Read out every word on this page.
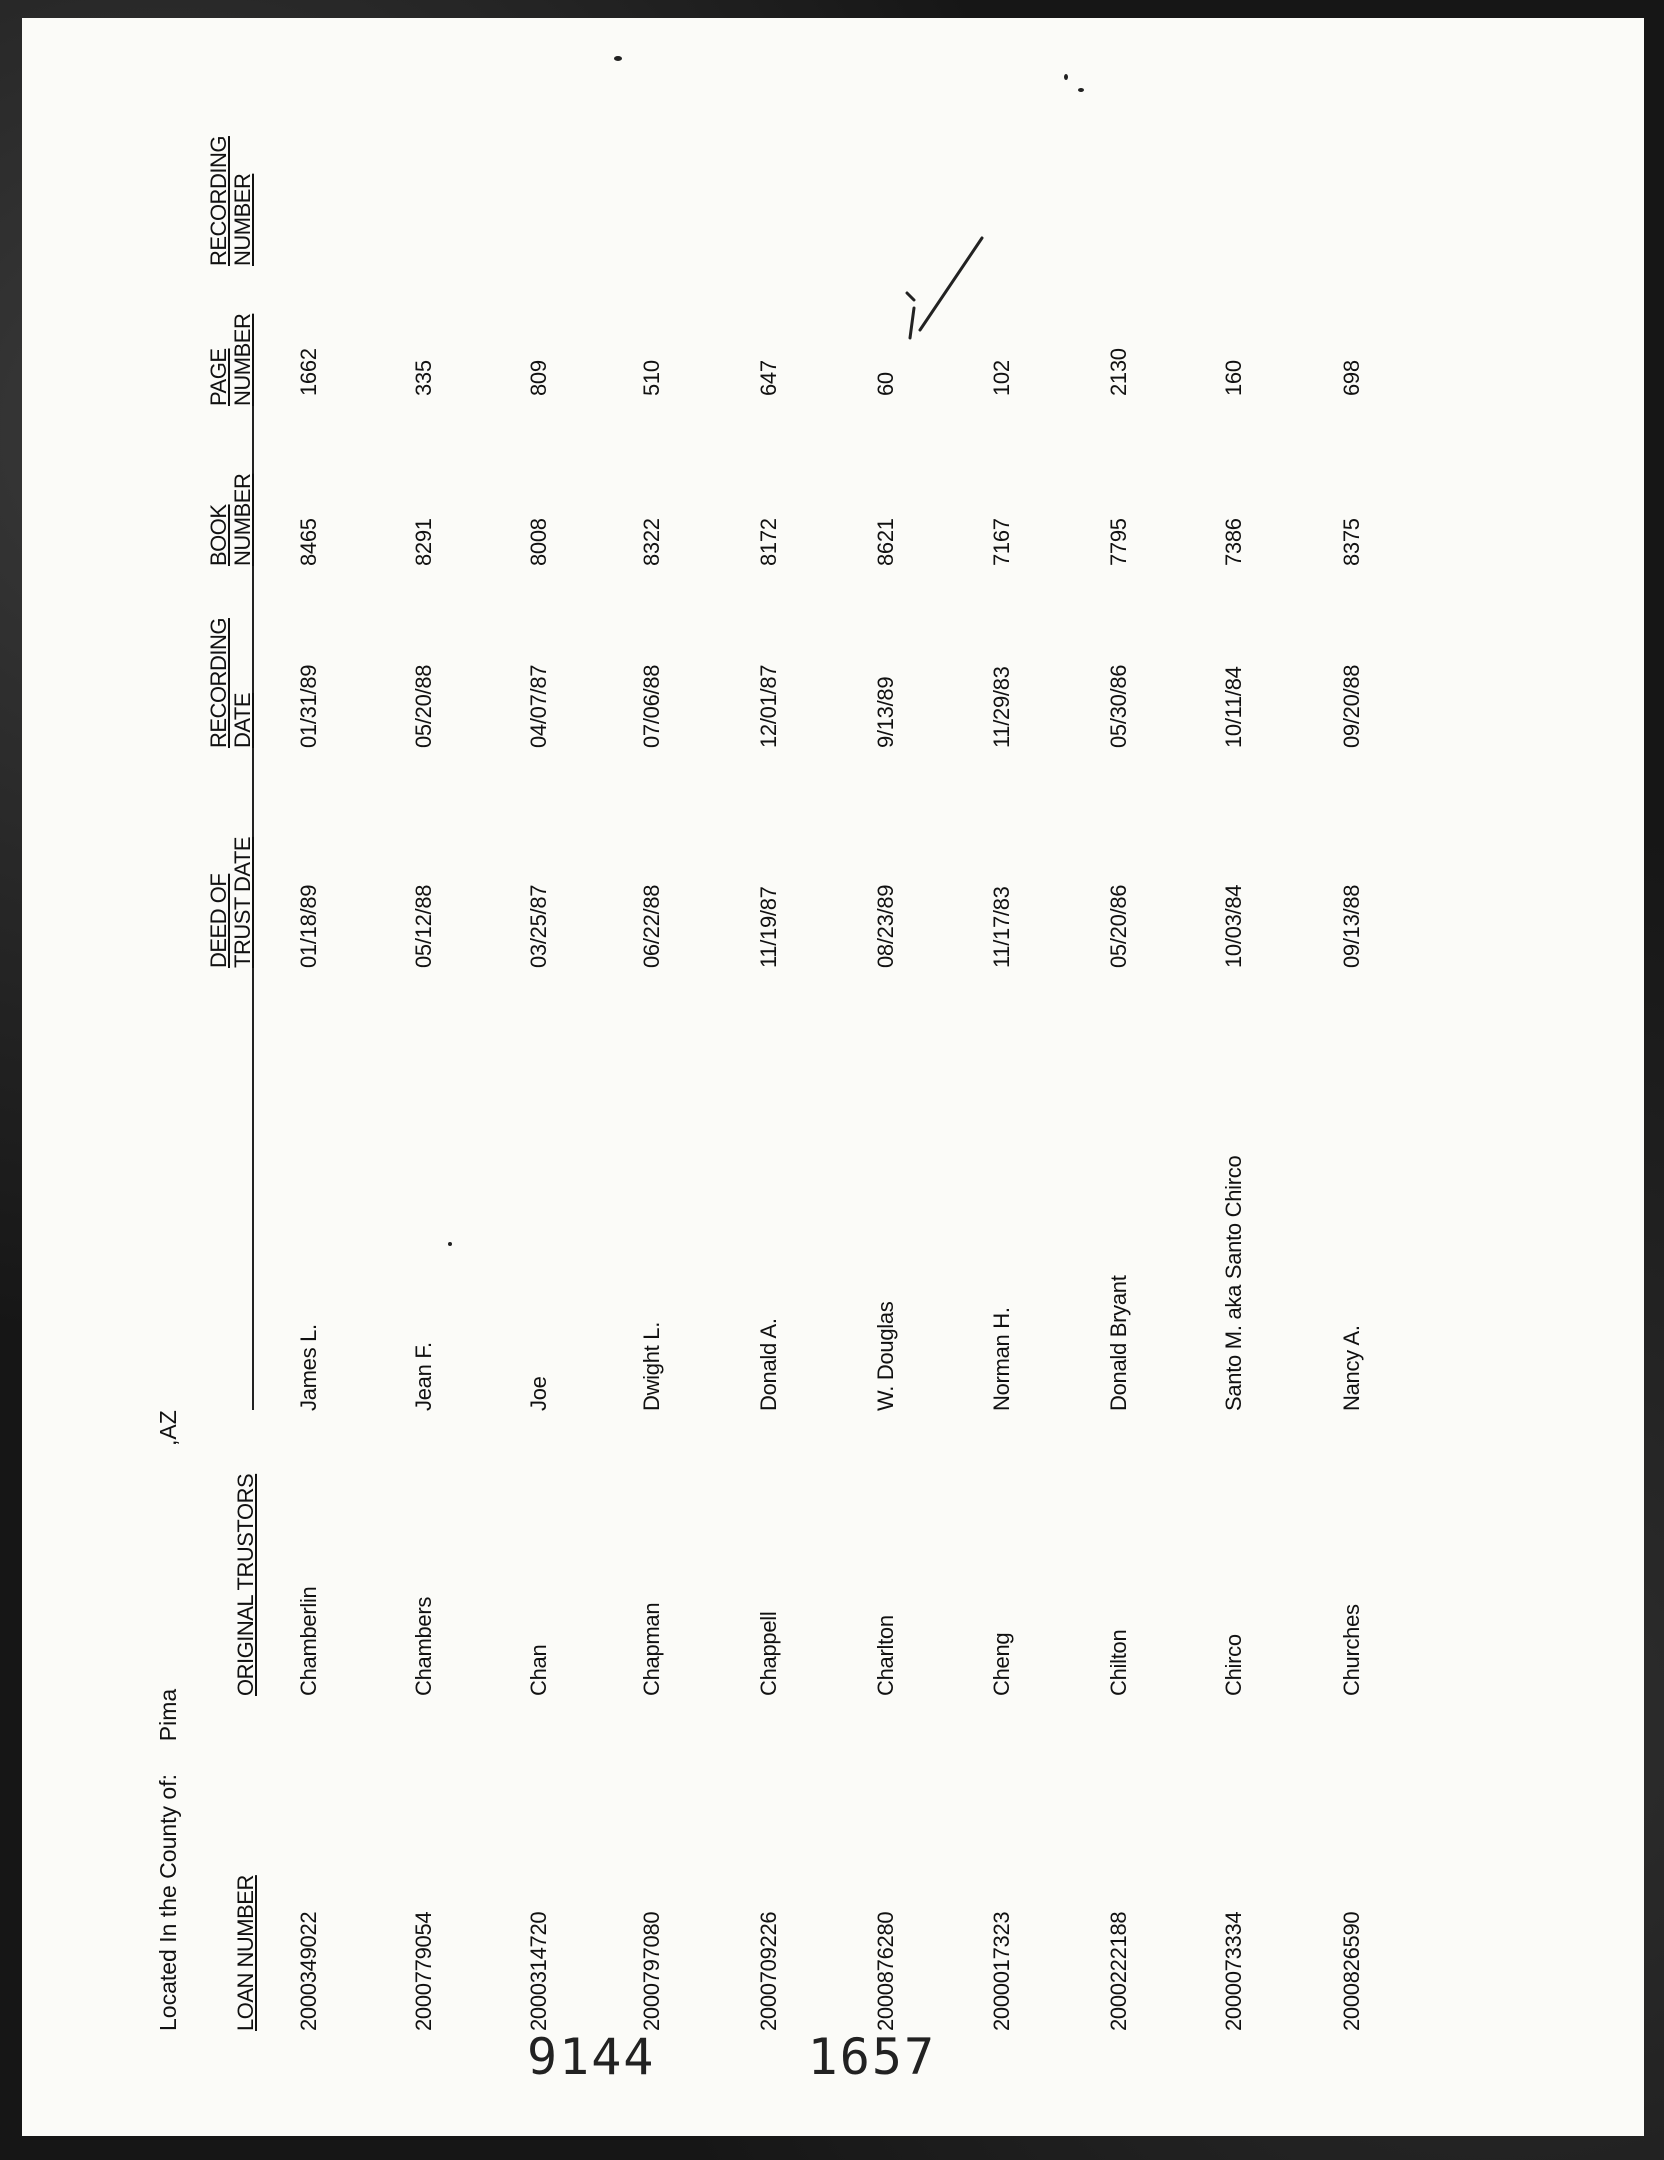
Located In the County of:  Pima  ,AZ
LOAN NUMBER
ORIGINAL TRUSTORS
DEED OF TRUST DATE
RECORDING DATE
BOOK NUMBER
PAGE NUMBER
RECORDING NUMBER
2000349022
Chamberlin
James L.
01/18/89
01/31/89
8465
1662
2000779054
Chambers
Jean F.
05/12/88
05/20/88
8291
335
2000314720
Chan
Joe
03/25/87
04/07/87
8008
809
2000797080
Chapman
Dwight L.
06/22/88
07/06/88
8322
510
2000709226
Chappell
Donald A.
11/19/87
12/01/87
8172
647
2000876280
Charlton
W. Douglas
08/23/89
9/13/89
8621
60
2000017323
Cheng
Norman H.
11/17/83
11/29/83
7167
102
2000222188
Chilton
Donald Bryant
05/20/86
05/30/86
7795
2130
2000073334
Chirco
Santo M. aka Santo Chirco
10/03/84
10/11/84
7386
160
2000826590
Churches
Nancy A.
09/13/88
09/20/88
8375
698
9144	1657
